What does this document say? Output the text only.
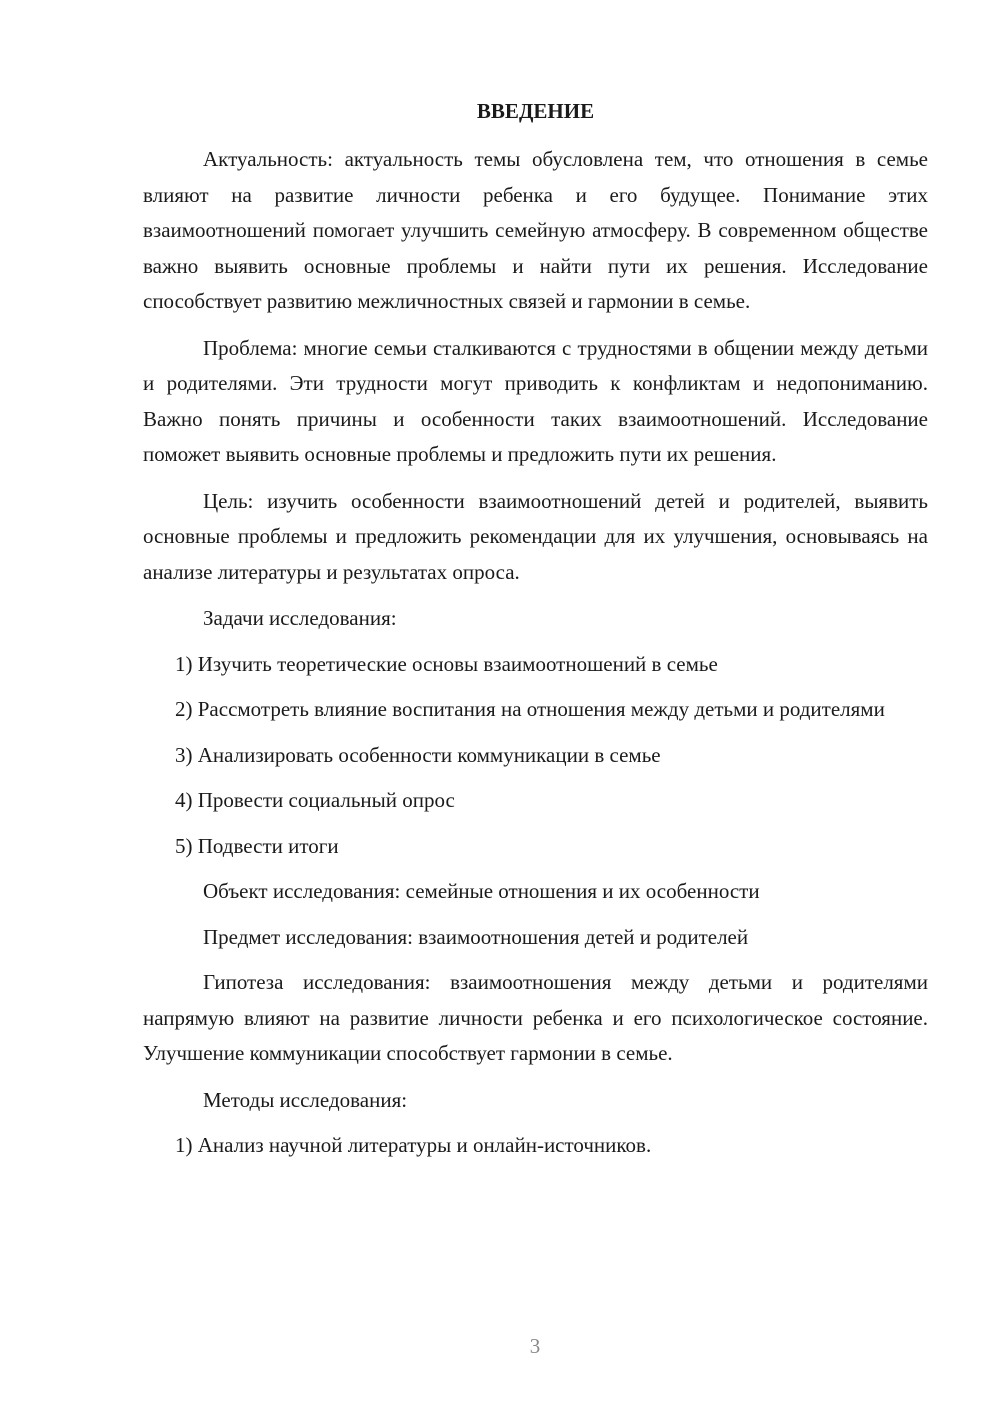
ВВЕДЕНИЕ

Актуальность: актуальность темы обусловлена тем, что отношения в семье влияют на развитие личности ребенка и его будущее. Понимание этих взаимоотношений помогает улучшить семейную атмосферу. В современном обществе важно выявить основные проблемы и найти пути их решения. Исследование способствует развитию межличностных связей и гармонии в семье.

Проблема: многие семьи сталкиваются с трудностями в общении между детьми и родителями. Эти трудности могут приводить к конфликтам и недопониманию. Важно понять причины и особенности таких взаимоотношений. Исследование поможет выявить основные проблемы и предложить пути их решения.

Цель: изучить особенности взаимоотношений детей и родителей, выявить основные проблемы и предложить рекомендации для их улучшения, основываясь на анализе литературы и результатах опроса.

Задачи исследования:

1) Изучить теоретические основы взаимоотношений в семье

2) Рассмотреть влияние воспитания на отношения между детьми и родителями

3) Анализировать особенности коммуникации в семье

4) Провести социальный опрос

5) Подвести итоги

Объект исследования: семейные отношения и их особенности

Предмет исследования: взаимоотношения детей и родителей

Гипотеза исследования: взаимоотношения между детьми и родителями напрямую влияют на развитие личности ребенка и его психологическое состояние. Улучшение коммуникации способствует гармонии в семье.

Методы исследования:

1) Анализ научной литературы и онлайн-источников.

3
